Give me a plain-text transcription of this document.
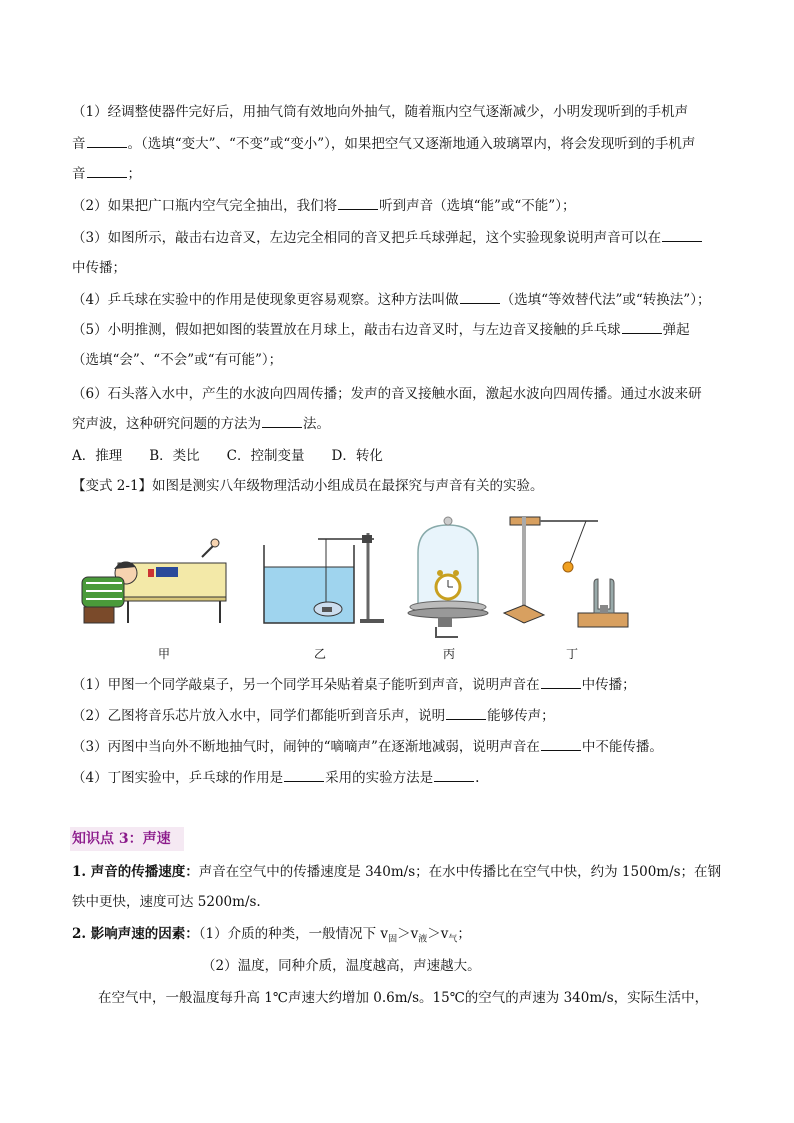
（1）经调整使器件完好后，用抽气筒有效地向外抽气，随着瓶内空气逐渐减少，小明发现听到的手机声
音	。（选填“变大”、“不变”或“变小”），如果把空气又逐渐地通入玻璃罩内，将会发现听到的手机声
音	；
（2）如果把广口瓶内空气完全抽出，我们将	听到声音（选填“能”或“不能”）；
（3）如图所示，敲击右边音叉，左边完全相同的音叉把乒乓球弹起，这个实验现象说明声音可以在
中传播；
（4）乒乓球在实验中的作用是使现象更容易观察。这种方法叫做	（选填“等效替代法”或“转换法”）；
（5）小明推测，假如把如图的装置放在月球上，敲击右边音叉时，与左边音叉接触的乒乓球	弹起
（选填“会”、“不会”或“有可能”）；
（6）石头落入水中，产生的水波向四周传播；发声的音叉接触水面，激起水波向四周传播。通过水波来研
究声波，这种研究问题的方法为	法。
A．推理　　B．类比　　C．控制变量　　D．转化
【变式 2-1】如图是测实八年级物理活动小组成员在最探究与声音有关的实验。
甲	乙	丙	丁
（1）甲图一个同学敲桌子，另一个同学耳朵贴着桌子能听到声音，说明声音在	中传播；
（2）乙图将音乐芯片放入水中，同学们都能听到音乐声，说明	能够传声；
（3）丙图中当向外不断地抽气时，闹钟的“嘀嘀声”在逐渐地减弱，说明声音在	中不能传播。
（4）丁图实验中，乒乓球的作用是	采用的实验方法是	.
知识点 3：声速
1. 声音的传播速度：声音在空气中的传播速度是 340m/s；在水中传播比在空气中快，约为 1500m/s；在钢
铁中更快，速度可达 5200m/s.
2. 影响声速的因素：（1）介质的种类，一般情况下 $v_固>v_液>v_气$；
（2）温度，同种介质，温度越高，声速越大。
在空气中，一般温度每升高 1℃声速大约增加 0.6m/s。15℃的空气的声速为 340m/s，实际生活中，
